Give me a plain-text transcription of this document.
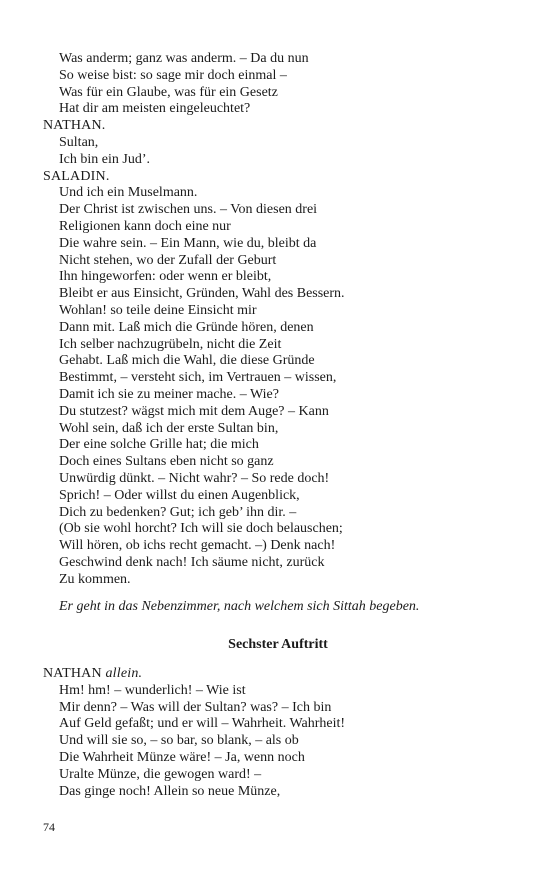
Was anderm; ganz was anderm. – Da du nun
So weise bist: so sage mir doch einmal –
Was für ein Glaube, was für ein Gesetz
Hat dir am meisten eingeleuchtet?
NATHAN.
Sultan,
Ich bin ein Jud’.
SALADIN.
Und ich ein Muselmann.
Der Christ ist zwischen uns. – Von diesen drei
Religionen kann doch eine nur
Die wahre sein. – Ein Mann, wie du, bleibt da
Nicht stehen, wo der Zufall der Geburt
Ihn hingeworfen: oder wenn er bleibt,
Bleibt er aus Einsicht, Gründen, Wahl des Bessern.
Wohlan! so teile deine Einsicht mir
Dann mit. Laß mich die Gründe hören, denen
Ich selber nachzugrübeln, nicht die Zeit
Gehabt. Laß mich die Wahl, die diese Gründe
Bestimmt, – versteht sich, im Vertrauen – wissen,
Damit ich sie zu meiner mache. – Wie?
Du stutzest? wägst mich mit dem Auge? – Kann
Wohl sein, daß ich der erste Sultan bin,
Der eine solche Grille hat; die mich
Doch eines Sultans eben nicht so ganz
Unwürdig dünkt. – Nicht wahr? – So rede doch!
Sprich! – Oder willst du einen Augenblick,
Dich zu bedenken? Gut; ich geb’ ihn dir. –
(Ob sie wohl horcht? Ich will sie doch belauschen;
Will hören, ob ichs recht gemacht. –) Denk nach!
Geschwind denk nach! Ich säume nicht, zurück
Zu kommen.
Er geht in das Nebenzimmer, nach welchem sich Sittah begeben.
Sechster Auftritt
NATHAN allein.
Hm! hm! – wunderlich! – Wie ist
Mir denn? – Was will der Sultan? was? – Ich bin
Auf Geld gefaßt; und er will – Wahrheit. Wahrheit!
Und will sie so, – so bar, so blank, – als ob
Die Wahrheit Münze wäre! – Ja, wenn noch
Uralte Münze, die gewogen ward! –
Das ginge noch! Allein so neue Münze,
74
